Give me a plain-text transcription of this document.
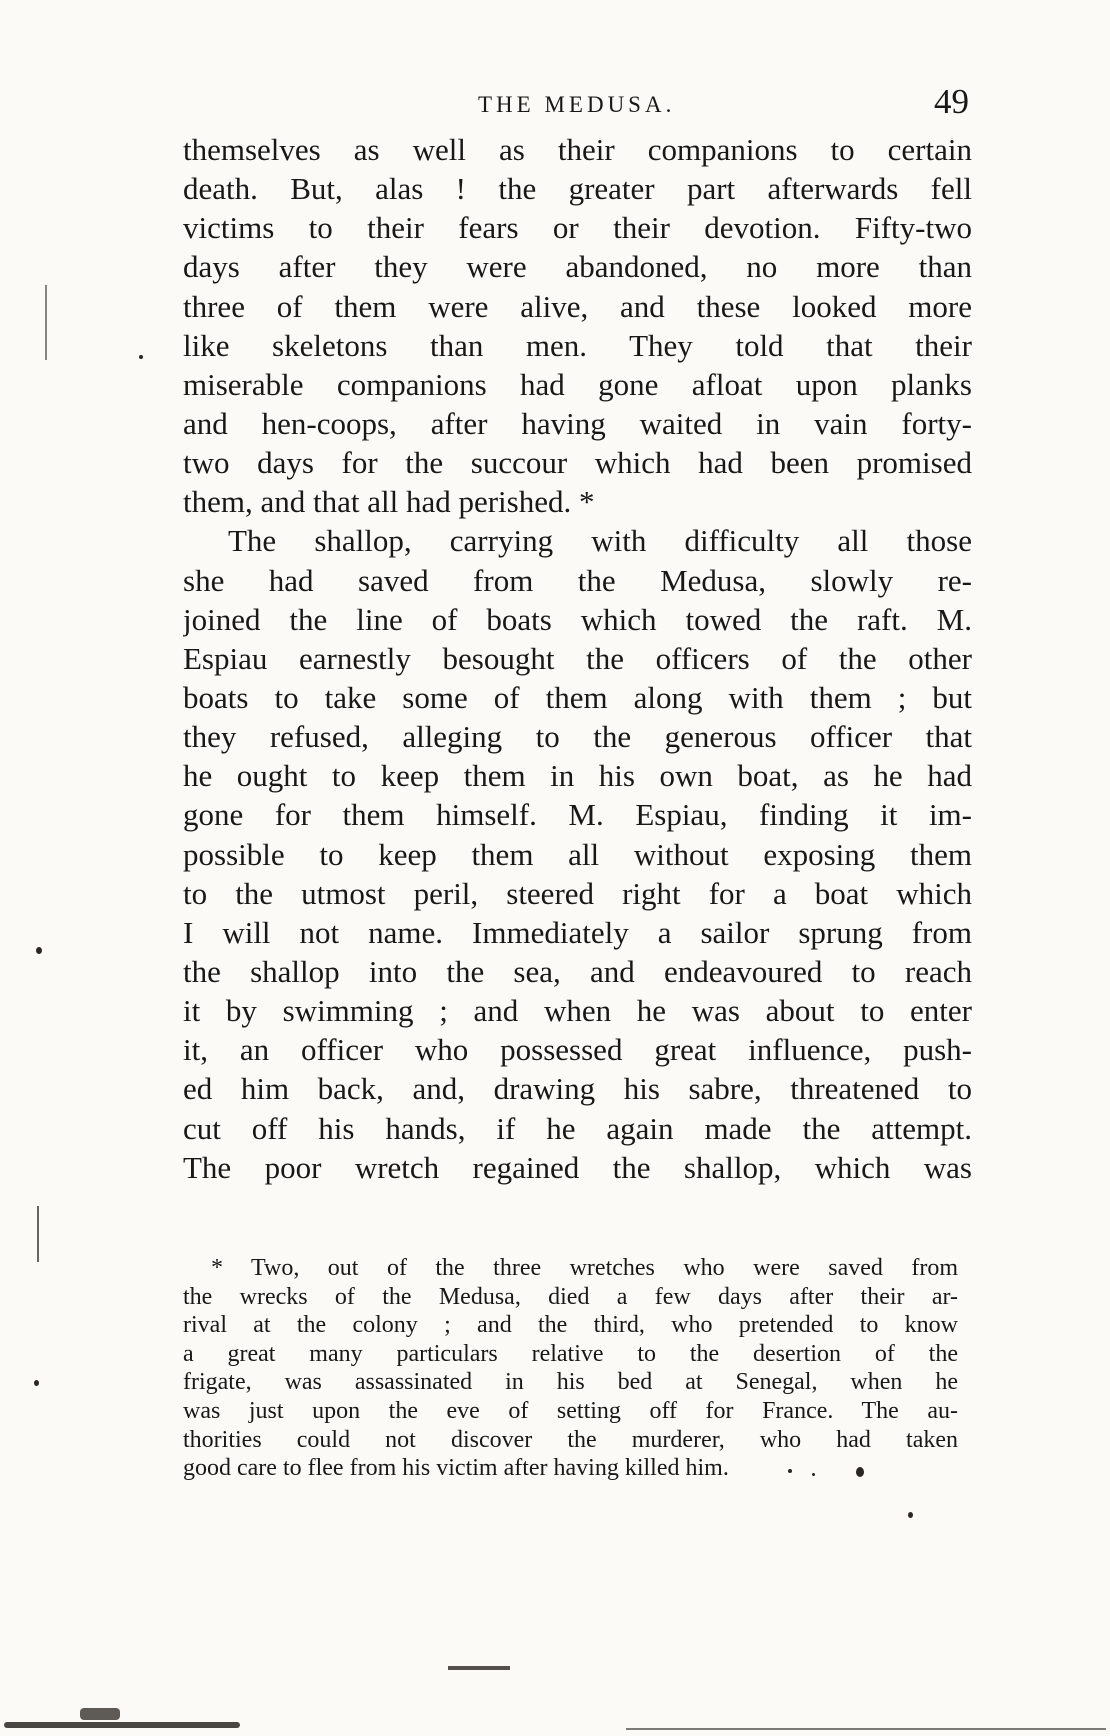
THE MEDUSA.	49
themselves as well as their companions to certain
death. But, alas ! the greater part afterwards fell
victims to their fears or their devotion. Fifty-two
days after they were abandoned, no more than
three of them were alive, and these looked more
like skeletons than men. They told that their
miserable companions had gone afloat upon planks
and hen-coops, after having waited in vain forty-
two days for the succour which had been promised
them, and that all had perished. *
The shallop, carrying with difficulty all those
she had saved from the Medusa, slowly re-
joined the line of boats which towed the raft. M.
Espiau earnestly besought the officers of the other
boats to take some of them along with them ; but
they refused, alleging to the generous officer that
he ought to keep them in his own boat, as he had
gone for them himself. M. Espiau, finding it im-
possible to keep them all without exposing them
to the utmost peril, steered right for a boat which
I will not name. Immediately a sailor sprung from
the shallop into the sea, and endeavoured to reach
it by swimming ; and when he was about to enter
it, an officer who possessed great influence, push-
ed him back, and, drawing his sabre, threatened to
cut off his hands, if he again made the attempt.
The poor wretch regained the shallop, which was
* Two, out of the three wretches who were saved from
the wrecks of the Medusa, died a few days after their ar-
rival at the colony ; and the third, who pretended to know
a great many particulars relative to the desertion of the
frigate, was assassinated in his bed at Senegal, when he
was just upon the eve of setting off for France. The au-
thorities could not discover the murderer, who had taken
good care to flee from his victim after having killed him.
